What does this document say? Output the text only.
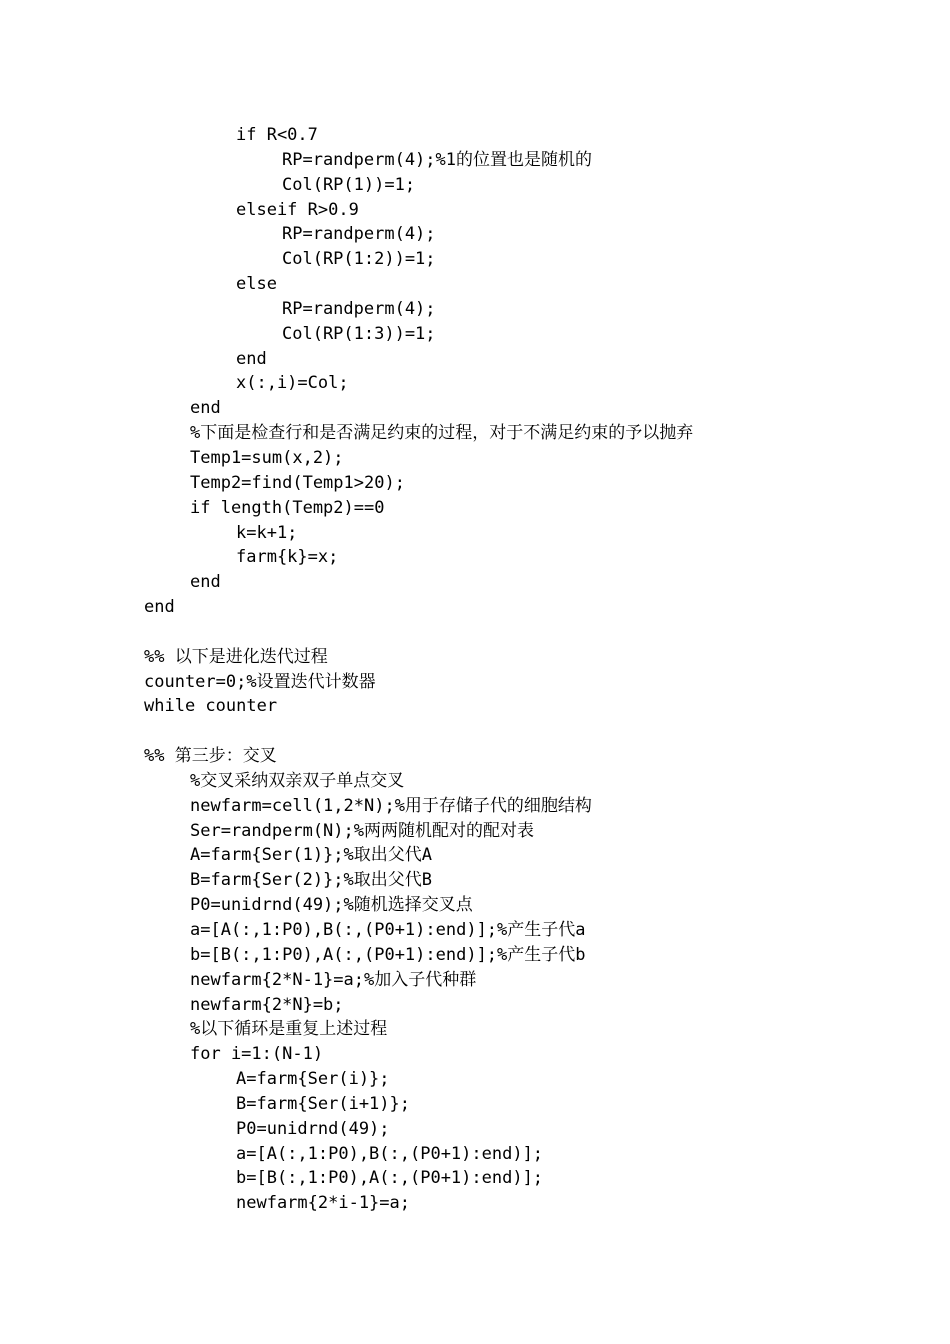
if R<0.7
RP=randperm(4);%1的位置也是随机的
Col(RP(1))=1;
elseif R>0.9
RP=randperm(4);
Col(RP(1:2))=1;
else
RP=randperm(4);
Col(RP(1:3))=1;
end
x(:,i)=Col;
end
%下面是检查行和是否满足约束的过程，对于不满足约束的予以抛弃
Temp1=sum(x,2);
Temp2=find(Temp1>20);
if length(Temp2)==0
k=k+1;
farm{k}=x;
end
end
%% 以下是进化迭代过程
counter=0;%设置迭代计数器
while counter
%% 第三步：交叉
%交叉采纳双亲双子单点交叉
newfarm=cell(1,2*N);%用于存储子代的细胞结构
Ser=randperm(N);%两两随机配对的配对表
A=farm{Ser(1)};%取出父代A
B=farm{Ser(2)};%取出父代B
P0=unidrnd(49);%随机选择交叉点
a=[A(:,1:P0),B(:,(P0+1):end)];%产生子代a
b=[B(:,1:P0),A(:,(P0+1):end)];%产生子代b
newfarm{2*N-1}=a;%加入子代种群
newfarm{2*N}=b;
%以下循环是重复上述过程
for i=1:(N-1)
A=farm{Ser(i)};
B=farm{Ser(i+1)};
P0=unidrnd(49);
a=[A(:,1:P0),B(:,(P0+1):end)];
b=[B(:,1:P0),A(:,(P0+1):end)];
newfarm{2*i-1}=a;
